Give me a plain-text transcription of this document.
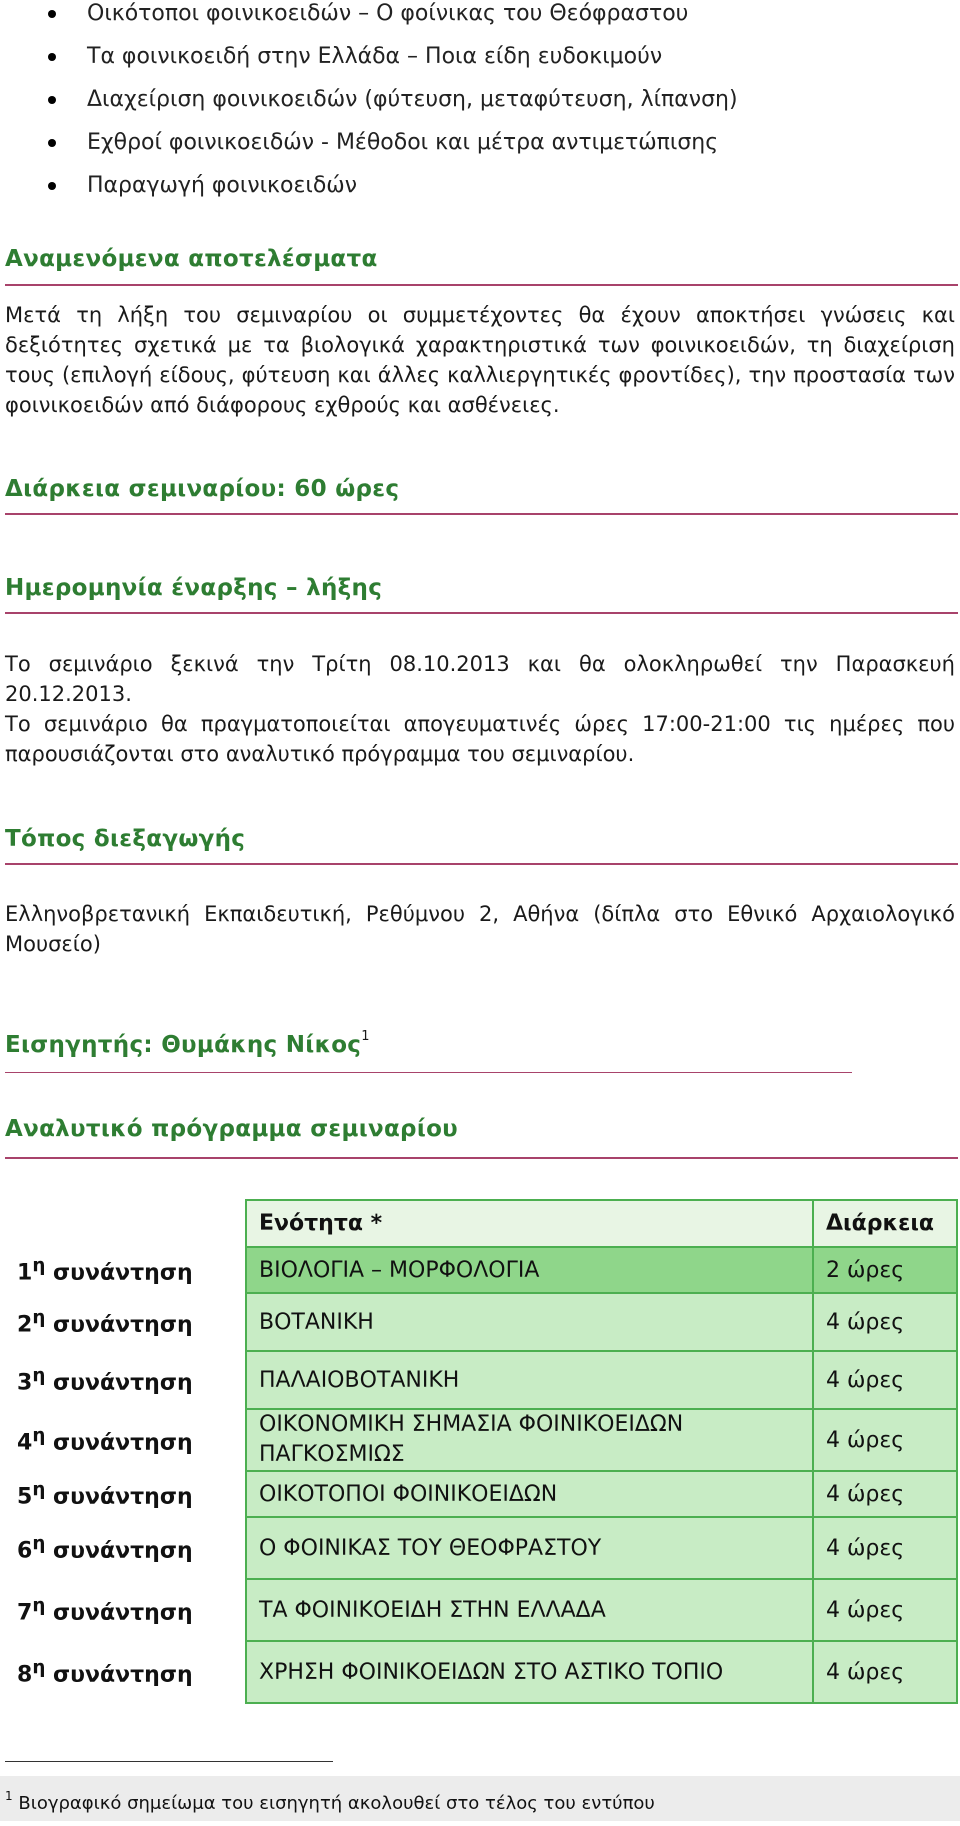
Οικότοποι φοινικοειδών – Ο φοίνικας του Θεόφραστου
Τα φοινικοειδή στην Ελλάδα – Ποια είδη ευδοκιμούν
Διαχείριση φοινικοειδών (φύτευση, μεταφύτευση, λίπανση)
Εχθροί φοινικοειδών - Μέθοδοι και μέτρα αντιμετώπισης
Παραγωγή φοινικοειδών
Αναμενόμενα αποτελέσματα

Μετά τη λήξη του σεμιναρίου οι συμμετέχοντες θα έχουν αποκτήσει γνώσεις και δεξιότητες σχετικά με τα βιολογικά χαρακτηριστικά των φοινικοειδών, τη διαχείριση τους (επιλογή είδους, φύτευση και άλλες καλλιεργητικές φροντίδες), την προστασία των φοινικοειδών από διάφορους εχθρούς και ασθένειες.

Διάρκεια σεμιναρίου: 60 ώρες
Ημερομηνία έναρξης – λήξης

Το σεμινάριο ξεκινά την Τρίτη 08.10.2013 και θα ολοκληρωθεί την Παρασκευή 20.12.2013.

Το σεμινάριο θα πραγματοποιείται απογευματινές ώρες 17:00-21:00 τις ημέρες που παρουσιάζονται στο αναλυτικό πρόγραμμα του σεμιναρίου.

Τόπος διεξαγωγής

Ελληνοβρετανική Εκπαιδευτική, Ρεθύμνου 2, Αθήνα (δίπλα στο Εθνικό Αρχαιολογικό Μουσείο)

Εισηγητής: Θυμάκης Νίκος$^1$
Αναλυτικό πρόγραμμα σεμιναρίου
	Ενότητα *	Διάρκεια
$1^\eta$ συνάντηση	ΒΙΟΛΟΓΙΑ – ΜΟΡΦΟΛΟΓΙΑ	2 ώρες
$2^\eta$ συνάντηση	ΒΟΤΑΝΙΚΗ	4 ώρες
$3^\eta$ συνάντηση	ΠΑΛΑΙΟΒΟΤΑΝΙΚΗ	4 ώρες
$4^\eta$ συνάντηση	ΟΙΚΟΝΟΜΙΚΗ ΣΗΜΑΣΙΑ ΦΟΙΝΙΚΟΕΙΔΩΝ ΠΑΓΚΟΣΜΙΩΣ	4 ώρες
$5^\eta$ συνάντηση	ΟΙΚΟΤΟΠΟΙ ΦΟΙΝΙΚΟΕΙΔΩΝ	4 ώρες
$6^\eta$ συνάντηση	Ο ΦΟΙΝΙΚΑΣ ΤΟΥ ΘΕΟΦΡΑΣΤΟΥ	4 ώρες
$7^\eta$ συνάντηση	ΤΑ ΦΟΙΝΙΚΟΕΙΔΗ ΣΤΗΝ ΕΛΛΑΔΑ	4 ώρες
$8^\eta$ συνάντηση	ΧΡΗΣΗ ΦΟΙΝΙΚΟΕΙΔΩΝ ΣΤΟ ΑΣΤΙΚΟ ΤΟΠΙΟ	4 ώρες
$^1$ Βιογραφικό σημείωμα του εισηγητή ακολουθεί στο τέλος του εντύπου
